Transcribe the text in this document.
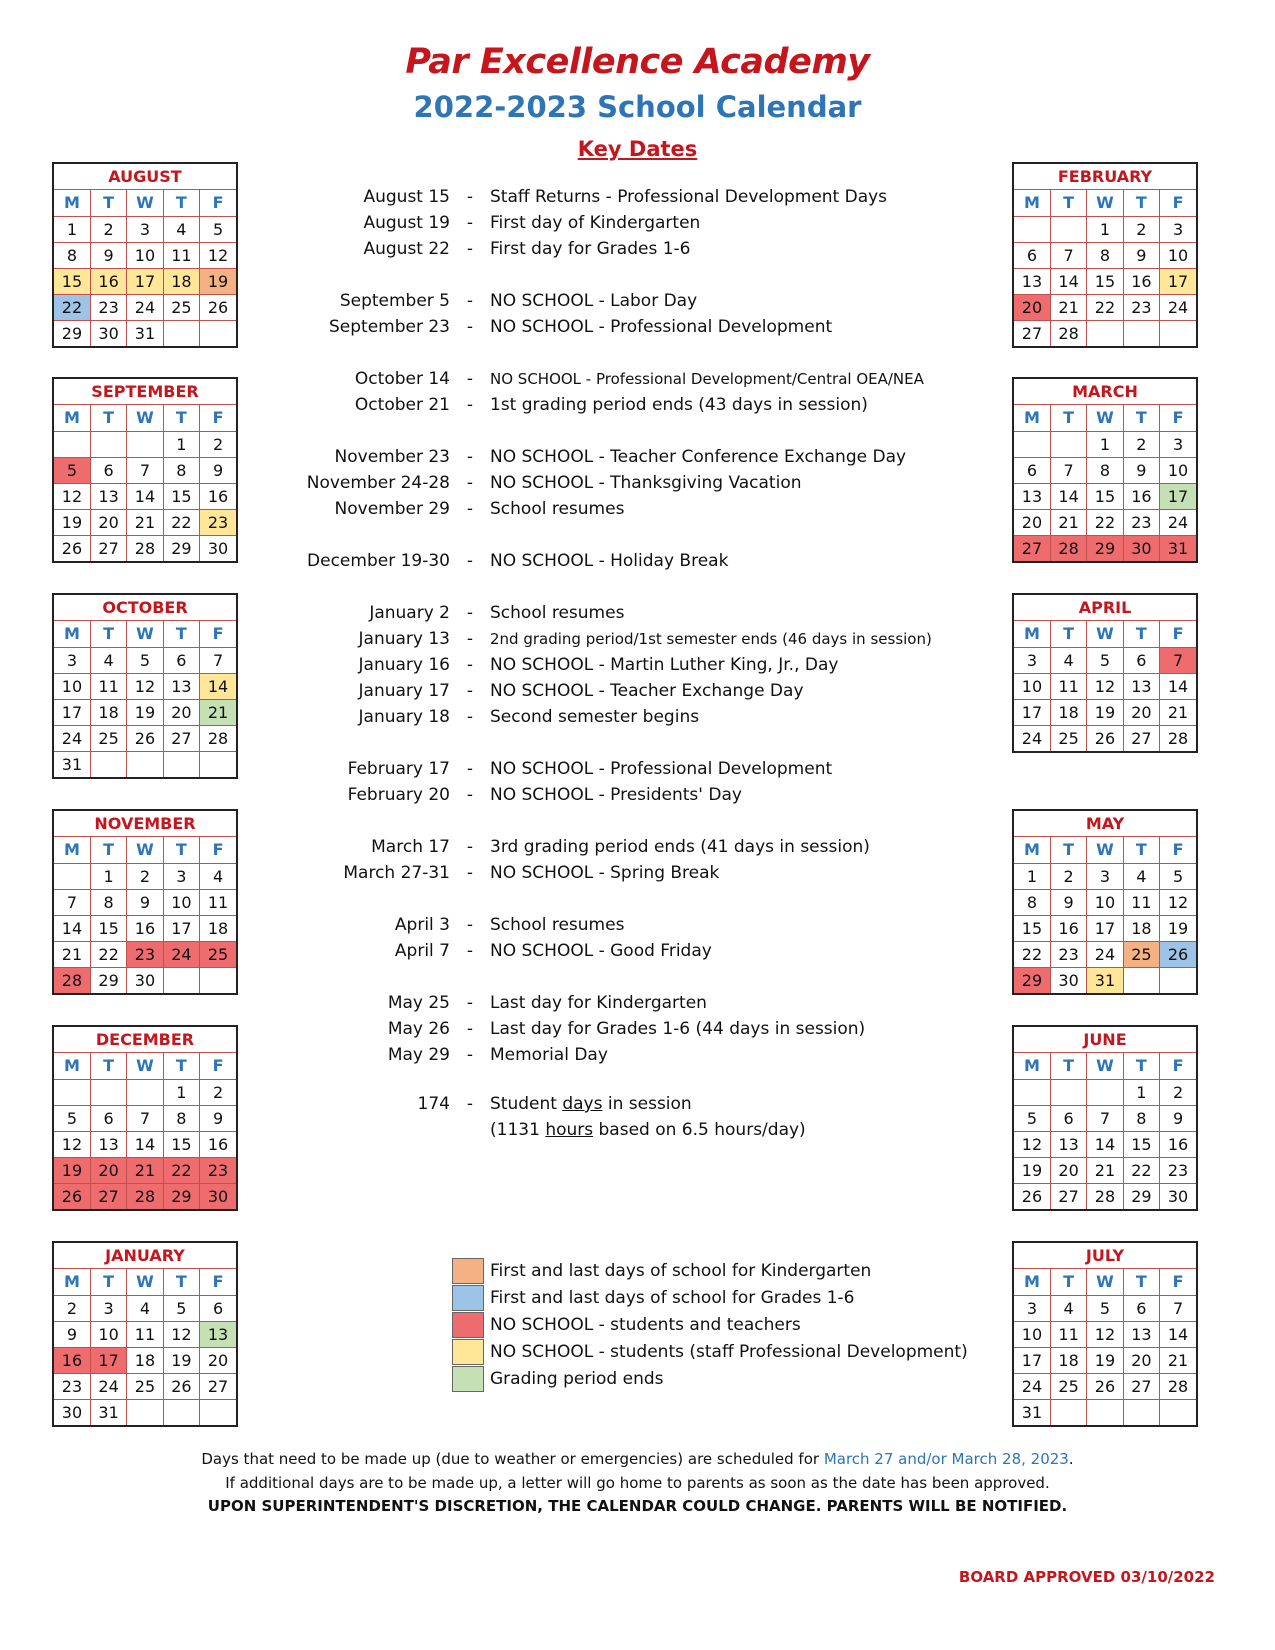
Par Excellence Academy
2022-2023 School Calendar
Key Dates
AUGUST
M	T	W	T	F
1	2	3	4	5
8	9	10	11	12
15	16	17	18	19
22	23	24	25	26
29	30	31		
SEPTEMBER
M	T	W	T	F
			1	2
5	6	7	8	9
12	13	14	15	16
19	20	21	22	23
26	27	28	29	30
OCTOBER
M	T	W	T	F
3	4	5	6	7
10	11	12	13	14
17	18	19	20	21
24	25	26	27	28
31				
NOVEMBER
M	T	W	T	F
	1	2	3	4
7	8	9	10	11
14	15	16	17	18
21	22	23	24	25
28	29	30		
DECEMBER
M	T	W	T	F
			1	2
5	6	7	8	9
12	13	14	15	16
19	20	21	22	23
26	27	28	29	30
JANUARY
M	T	W	T	F
2	3	4	5	6
9	10	11	12	13
16	17	18	19	20
23	24	25	26	27
30	31			
FEBRUARY
M	T	W	T	F
		1	2	3
6	7	8	9	10
13	14	15	16	17
20	21	22	23	24
27	28			
MARCH
M	T	W	T	F
		1	2	3
6	7	8	9	10
13	14	15	16	17
20	21	22	23	24
27	28	29	30	31
APRIL
M	T	W	T	F
3	4	5	6	7
10	11	12	13	14
17	18	19	20	21
24	25	26	27	28
MAY
M	T	W	T	F
1	2	3	4	5
8	9	10	11	12
15	16	17	18	19
22	23	24	25	26
29	30	31		
JUNE
M	T	W	T	F
			1	2
5	6	7	8	9
12	13	14	15	16
19	20	21	22	23
26	27	28	29	30
JULY
M	T	W	T	F
3	4	5	6	7
10	11	12	13	14
17	18	19	20	21
24	25	26	27	28
31				
August 15 - Staff Returns - Professional Development Days
August 19 - First day of Kindergarten
August 22 - First day for Grades 1-6
September 5 - NO SCHOOL - Labor Day
September 23 - NO SCHOOL - Professional Development
October 14 -	NO SCHOOL - Professional Development/Central OEA/NEA
October 21 - 1st grading period ends (43 days in session)
November 23 - NO SCHOOL - Teacher Conference Exchange Day
November 24-28 - NO SCHOOL - Thanksgiving Vacation
November 29 - School resumes
December 19-30 - NO SCHOOL - Holiday Break
January 2 - School resumes
January 13 -	2nd grading period/1st semester ends (46 days in session)
January 16 - NO SCHOOL - Martin Luther King, Jr., Day
January 17 - NO SCHOOL - Teacher Exchange Day
January 18 - Second semester begins
February 17 - NO SCHOOL - Professional Development
February 20 - NO SCHOOL - Presidents' Day
March 17 - 3rd grading period ends (41 days in session)
March 27-31 - NO SCHOOL - Spring Break
April 3 - School resumes
April 7 - NO SCHOOL - Good Friday
May 25 - Last day for Kindergarten
May 26 - Last day for Grades 1-6 (44 days in session)
May 29 - Memorial Day
174 - Student days in session
(1131 hours based on 6.5 hours/day)
First and last days of school for Kindergarten
First and last days of school for Grades 1-6
NO SCHOOL - students and teachers
NO SCHOOL - students (staff Professional Development)
Grading period ends
Days that need to be made up (due to weather or emergencies) are scheduled for March 27 and/or March 28, 2023.
If additional days are to be made up, a letter will go home to parents as soon as the date has been approved.
UPON SUPERINTENDENT'S DISCRETION, THE CALENDAR COULD CHANGE. PARENTS WILL BE NOTIFIED.
BOARD APPROVED 03/10/2022
